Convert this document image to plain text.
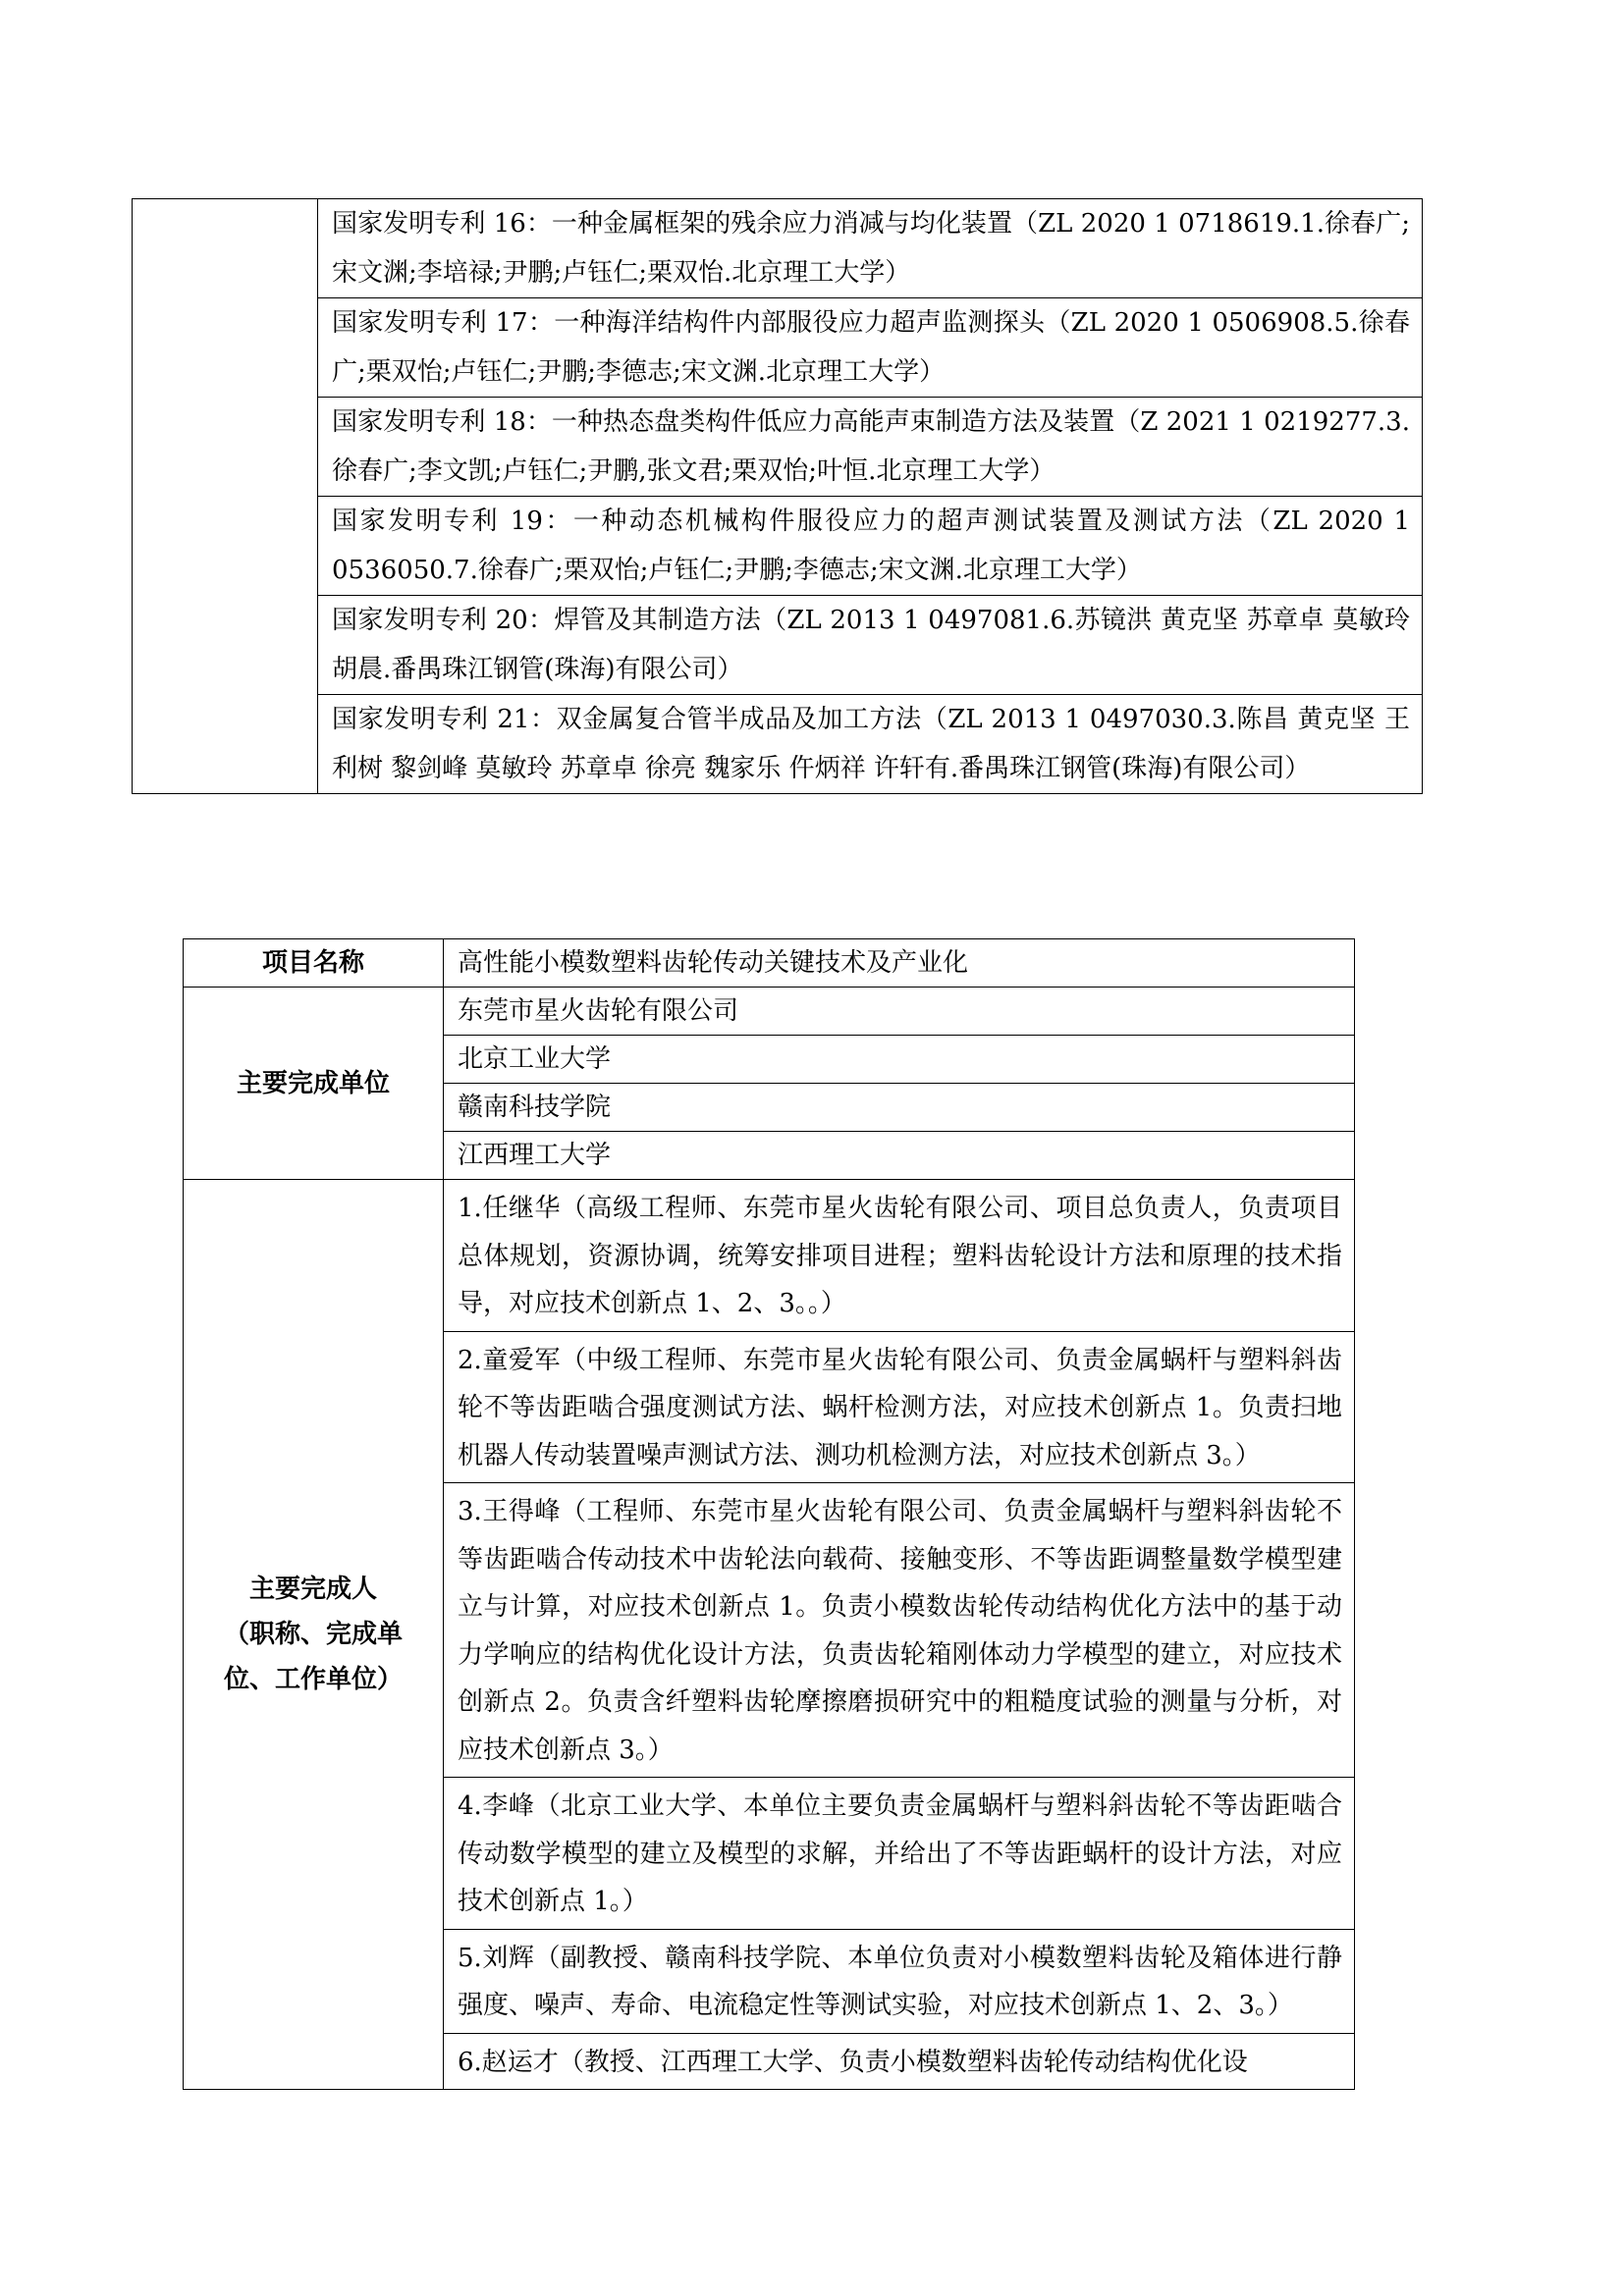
	国家发明专利 16：一种金属框架的残余应力消减与均化装置（ZL 2020 1 0718619.1.徐春广;宋文渊;李培禄;尹鹏;卢钰仁;栗双怡.北京理工大学）
国家发明专利 17：一种海洋结构件内部服役应力超声监测探头（ZL 2020 1 0506908.5.徐春广;栗双怡;卢钰仁;尹鹏;李德志;宋文渊.北京理工大学）
国家发明专利 18：一种热态盘类构件低应力高能声束制造方法及装置（Z 2021 1 0219277.3.徐春广;李文凯;卢钰仁;尹鹏,张文君;栗双怡;叶恒.北京理工大学）
国家发明专利 19：一种动态机械构件服役应力的超声测试装置及测试方法（ZL 2020 1 0536050.7.徐春广;栗双怡;卢钰仁;尹鹏;李德志;宋文渊.北京理工大学）
国家发明专利 20：焊管及其制造方法（ZL 2013 1 0497081.6.苏镜洪 黄克坚 苏章卓 莫敏玲 胡晨.番禺珠江钢管(珠海)有限公司）
国家发明专利 21：双金属复合管半成品及加工方法（ZL 2013 1 0497030.3.陈昌 黄克坚 王利树 黎剑峰 莫敏玲 苏章卓 徐亮 魏家乐 仵炳祥 许轩有.番禺珠江钢管(珠海)有限公司）
项目名称	高性能小模数塑料齿轮传动关键技术及产业化
主要完成单位	东莞市星火齿轮有限公司
	北京工业大学
	赣南科技学院
	江西理工大学

主要完成人
（职称、完成单
位、工作单位）	1.任继华（高级工程师、东莞市星火齿轮有限公司、项目总负责人，负责项目总体规划，资源协调，统筹安排项目进程；塑料齿轮设计方法和原理的技术指导，对应技术创新点 1、2、3。。）
	2.童爱军（中级工程师、东莞市星火齿轮有限公司、负责金属蜗杆与塑料斜齿轮不等齿距啮合强度测试方法、蜗杆检测方法，对应技术创新点 1。负责扫地机器人传动装置噪声测试方法、测功机检测方法，对应技术创新点 3。）
	3.王得峰（工程师、东莞市星火齿轮有限公司、负责金属蜗杆与塑料斜齿轮不等齿距啮合传动技术中齿轮法向载荷、接触变形、不等齿距调整量数学模型建立与计算，对应技术创新点 1。负责小模数齿轮传动结构优化方法中的基于动力学响应的结构优化设计方法，负责齿轮箱刚体动力学模型的建立，对应技术创新点 2。负责含纤塑料齿轮摩擦磨损研究中的粗糙度试验的测量与分析，对应技术创新点 3。）
	4.李峰（北京工业大学、本单位主要负责金属蜗杆与塑料斜齿轮不等齿距啮合传动数学模型的建立及模型的求解，并给出了不等齿距蜗杆的设计方法，对应技术创新点 1。）
	5.刘辉（副教授、赣南科技学院、本单位负责对小模数塑料齿轮及箱体进行静强度、噪声、寿命、电流稳定性等测试实验，对应技术创新点 1、2、3。）
	6.赵运才（教授、江西理工大学、负责小模数塑料齿轮传动结构优化设
